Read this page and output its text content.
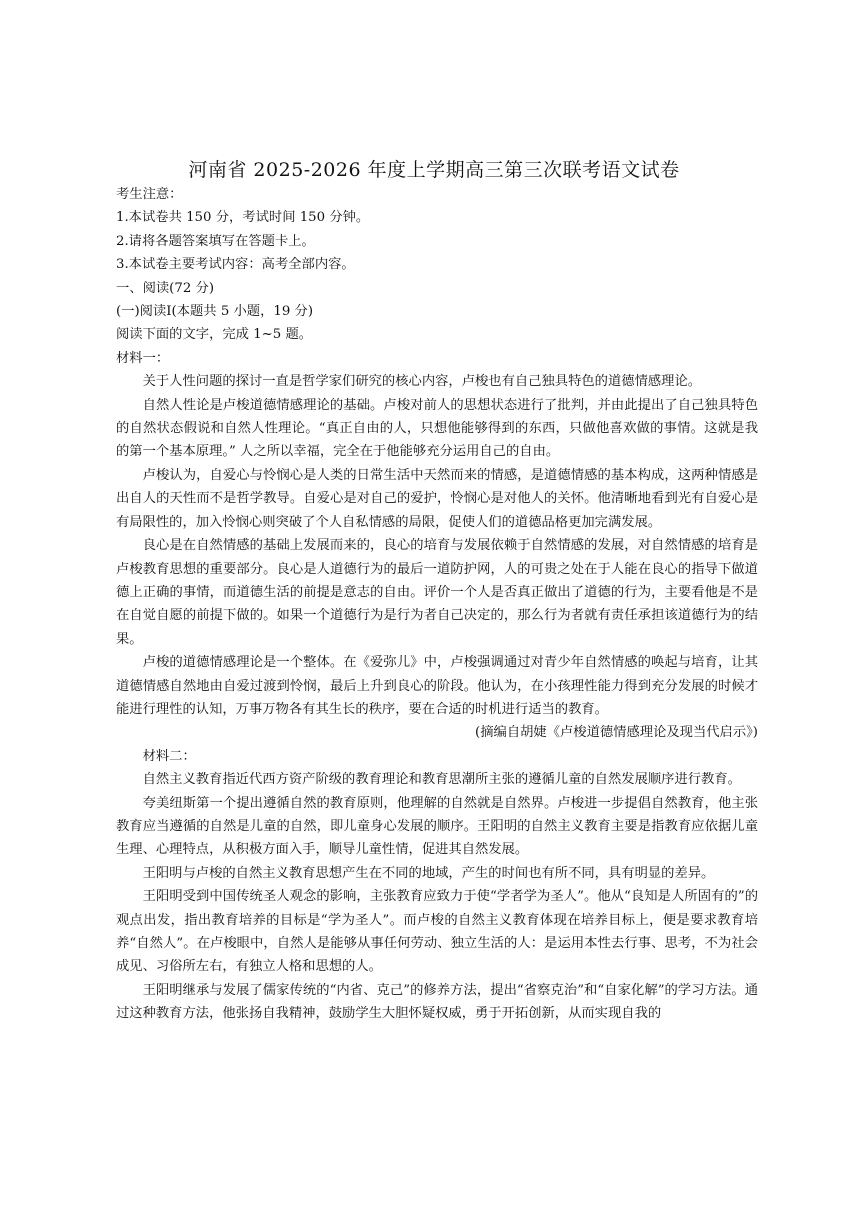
河南省 2025-2026 年度上学期高三第三次联考语文试卷

考生注意：

1.本试卷共 150 分，考试时间 150 分钟。

2.请将各题答案填写在答题卡上。

3.本试卷主要考试内容：高考全部内容。

一、阅读(72 分)

(一)阅读Ⅰ(本题共 5 小题，19 分)

阅读下面的文字，完成 1~5 题。

材料一：

关于人性问题的探讨一直是哲学家们研究的核心内容，卢梭也有自己独具特色的道德情感理论。

自然人性论是卢梭道德情感理论的基础。卢梭对前人的思想状态进行了批判，并由此提出了自己独具特色的自然状态假说和自然人性理论。“真正自由的人，只想他能够得到的东西，只做他喜欢做的事情。这就是我的第一个基本原理。” 人之所以幸福，完全在于他能够充分运用自己的自由。

卢梭认为，自爱心与怜悯心是人类的日常生活中天然而来的情感，是道德情感的基本构成，这两种情感是出自人的天性而不是哲学教导。自爱心是对自己的爱护，怜悯心是对他人的关怀。他清晰地看到光有自爱心是有局限性的，加入怜悯心则突破了个人自私情感的局限，促使人们的道德品格更加完满发展。

良心是在自然情感的基础上发展而来的，良心的培育与发展依赖于自然情感的发展，对自然情感的培育是卢梭教育思想的重要部分。良心是人道德行为的最后一道防护网，人的可贵之处在于人能在良心的指导下做道德上正确的事情，而道德生活的前提是意志的自由。评价一个人是否真正做出了道德的行为，主要看他是不是在自觉自愿的前提下做的。如果一个道德行为是行为者自己决定的，那么行为者就有责任承担该道德行为的结果。

卢梭的道德情感理论是一个整体。在《爱弥儿》中，卢梭强调通过对青少年自然情感的唤起与培育，让其道德情感自然地由自爱过渡到怜悯，最后上升到良心的阶段。他认为，在小孩理性能力得到充分发展的时候才能进行理性的认知，万事万物各有其生长的秩序，要在合适的时机进行适当的教育。

(摘编自胡婕《卢梭道德情感理论及现当代启示》)

材料二：

自然主义教育指近代西方资产阶级的教育理论和教育思潮所主张的遵循儿童的自然发展顺序进行教育。

夸美纽斯第一个提出遵循自然的教育原则，他理解的自然就是自然界。卢梭进一步提倡自然教育，他主张教育应当遵循的自然是儿童的自然，即儿童身心发展的顺序。王阳明的自然主义教育主要是指教育应依据儿童生理、心理特点，从积极方面入手，顺导儿童性情，促进其自然发展。

王阳明与卢梭的自然主义教育思想产生在不同的地域，产生的时间也有所不同，具有明显的差异。

王阳明受到中国传统圣人观念的影响，主张教育应致力于使“学者学为圣人”。他从“良知是人所固有的”的观点出发，指出教育培养的目标是“学为圣人”。而卢梭的自然主义教育体现在培养目标上，便是要求教育培养“自然人”。在卢梭眼中，自然人是能够从事任何劳动、独立生活的人：是运用本性去行事、思考，不为社会成见、习俗所左右，有独立人格和思想的人。

王阳明继承与发展了儒家传统的“内省、克己”的修养方法，提出“省察克治”和“自家化解”的学习方法。通过这种教育方法，他张扬自我精神，鼓励学生大胆怀疑权威，勇于开拓创新，从而实现自我的
